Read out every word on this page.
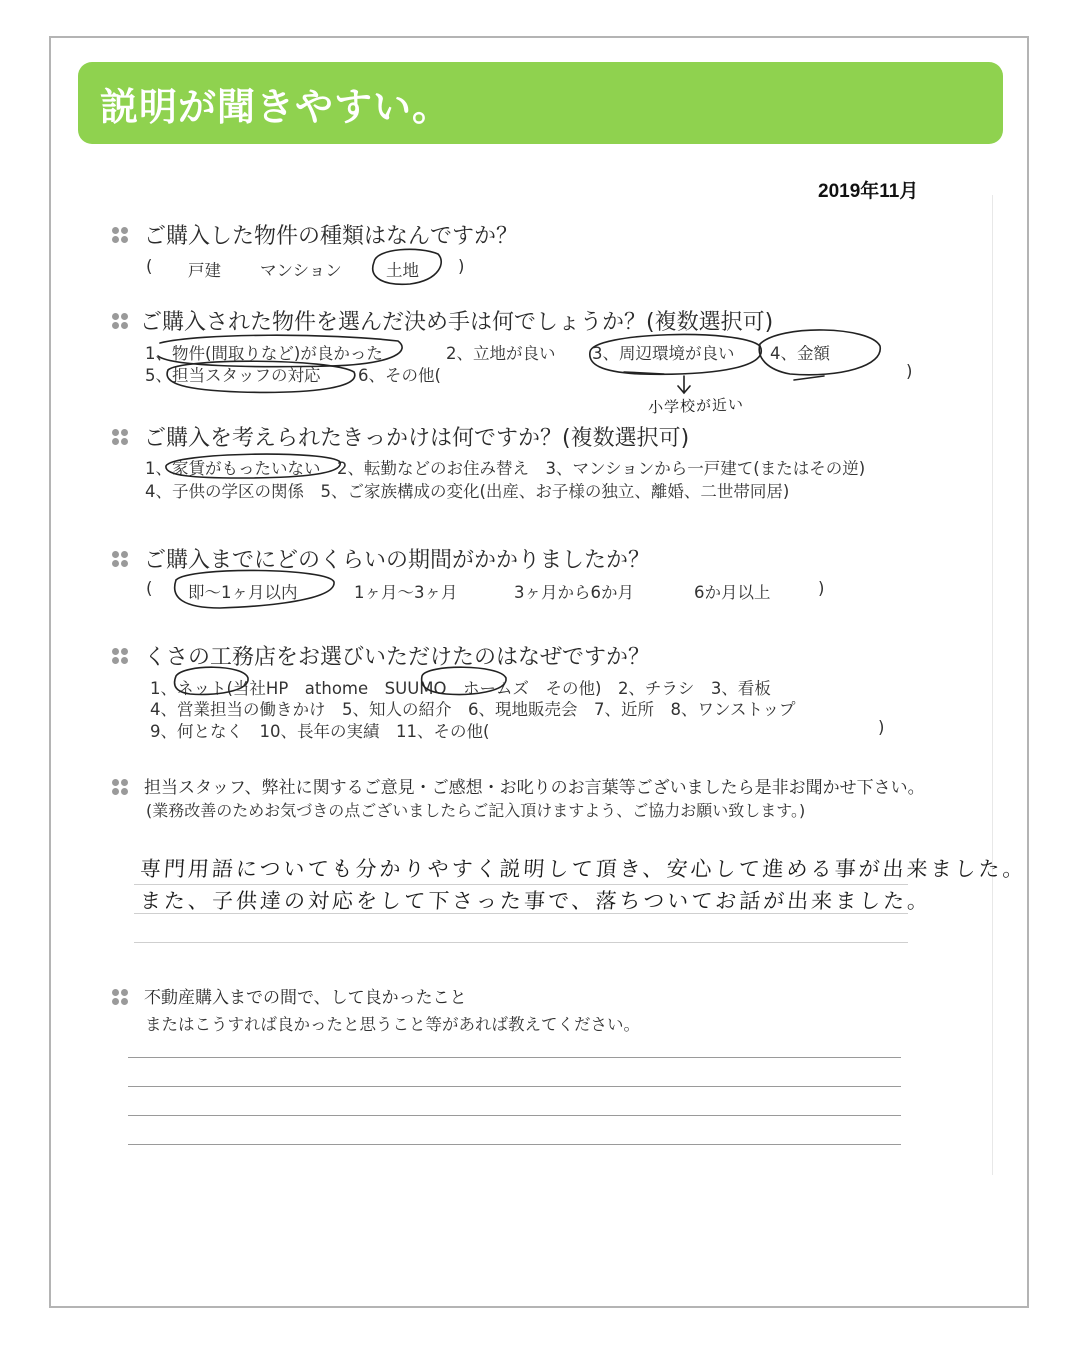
説明が聞きやすい。
2019年11月
ご購入した物件の種類はなんですか？
( 戸建 マンション	土地 )
ご購入された物件を選んだ決め手は何でしょうか？(複数選択可)
1、物件(間取りなど)が良かった	2、立地が良い 3、周辺環境が良い 4、金額
5、担当スタッフの対応 6、その他(	)
小学校が近い
ご購入を考えられたきっかけは何ですか？(複数選択可)
1、家賃がもったいない　2、転勤などのお住み替え　3、マンションから一戸建て(またはその逆)
4、子供の学区の関係　5、ご家族構成の変化(出産、お子様の独立、離婚、二世帯同居)
ご購入までにどのくらいの期間がかかりましたか？
( 即～1ヶ月以内	1ヶ月～3ヶ月	3ヶ月から6か月	6か月以上	)
くさの工務店をお選びいただけたのはなぜですか？
1、ネット(当社HP　athome　SUUMO　ホームズ　その他)　2、チラシ　3、看板
4、営業担当の働きかけ　5、知人の紹介　6、現地販売会　7、近所　8、ワンストップ
9、何となく　10、長年の実績　11、その他(	)
担当スタッフ、弊社に関するご意見・ご感想・お叱りのお言葉等ございましたら是非お聞かせ下さい。
(業務改善のためお気づきの点ございましたらご記入頂けますよう、ご協力お願い致します。)
専門用語についても分かりやすく説明して頂き、安心して進める事が出来ました。
また、子供達の対応をして下さった事で、落ちついてお話が出来ました。
不動産購入までの間で、して良かったこと
またはこうすれば良かったと思うこと等があれば教えてください。
